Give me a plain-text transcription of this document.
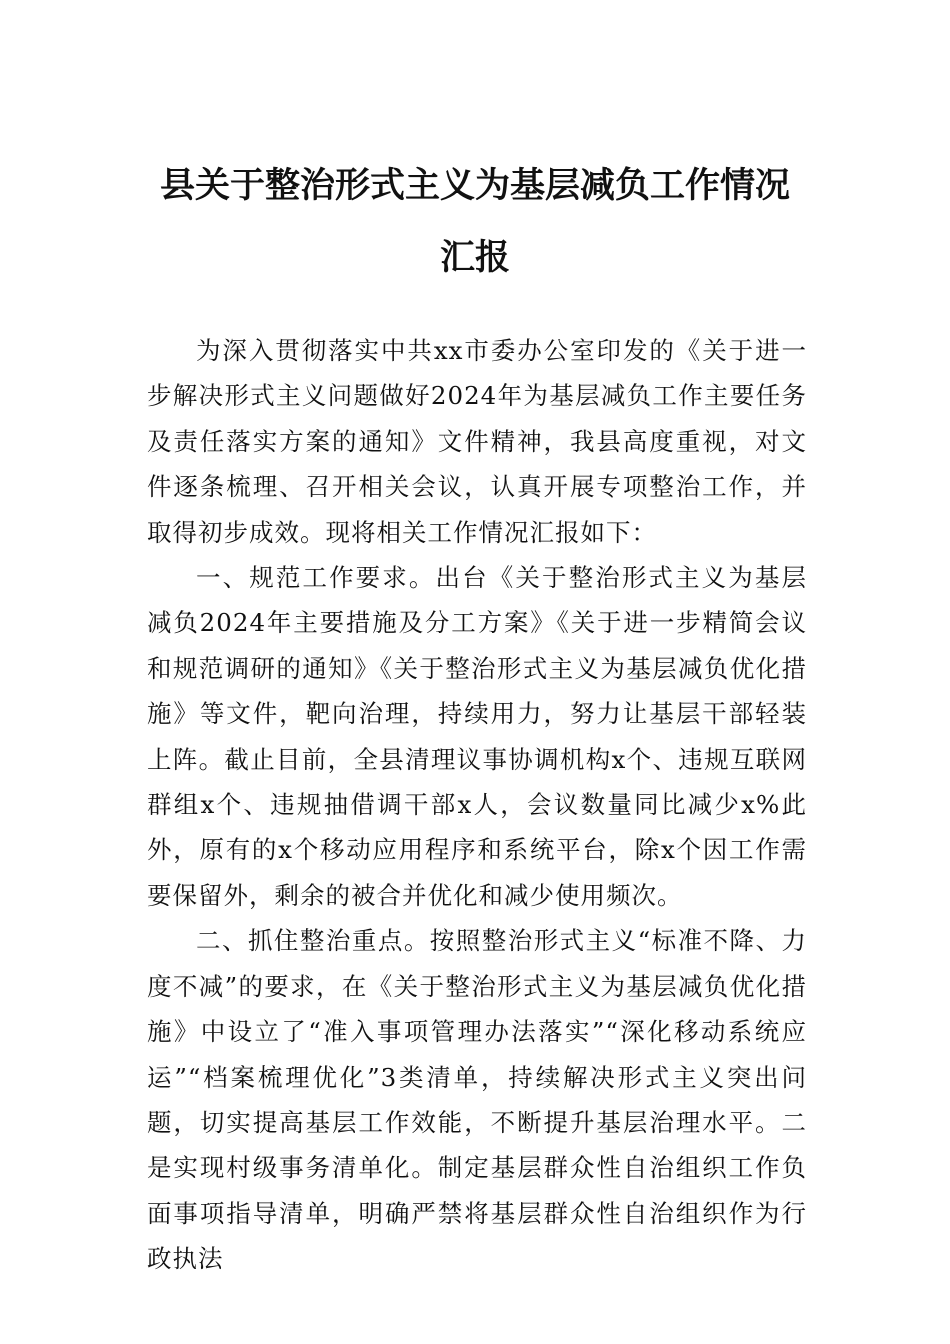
县关于整治形式主义为基层减负工作情况
汇报

为深入贯彻落实中共xx市委办公室印发的《关于进一步解决形式主义问题做好2024年为基层减负工作主要任务及责任落实方案的通知》文件精神，我县高度重视，对文件逐条梳理、召开相关会议，认真开展专项整治工作，并取得初步成效。现将相关工作情况汇报如下：

一、规范工作要求。出台《关于整治形式主义为基层减负2024年主要措施及分工方案》《关于进一步精简会议和规范调研的通知》《关于整治形式主义为基层减负优化措施》等文件，靶向治理，持续用力，努力让基层干部轻装上阵。截止目前，全县清理议事协调机构x个、违规互联网群组x个、违规抽借调干部x人，会议数量同比减少x%此外，原有的x个移动应用程序和系统平台，除x个因工作需要保留外，剩余的被合并优化和减少使用频次。

二、抓住整治重点。按照整治形式主义“标准不降、力度不减”的要求，在《关于整治形式主义为基层减负优化措施》中设立了“准入事项管理办法落实”“深化移动系统应运”“档案梳理优化”3类清单，持续解决形式主义突出问题，切实提高基层工作效能，不断提升基层治理水平。二是实现村级事务清单化。制定基层群众性自治组织工作负面事项指导清单，明确严禁将基层群众性自治组织作为行政执法
